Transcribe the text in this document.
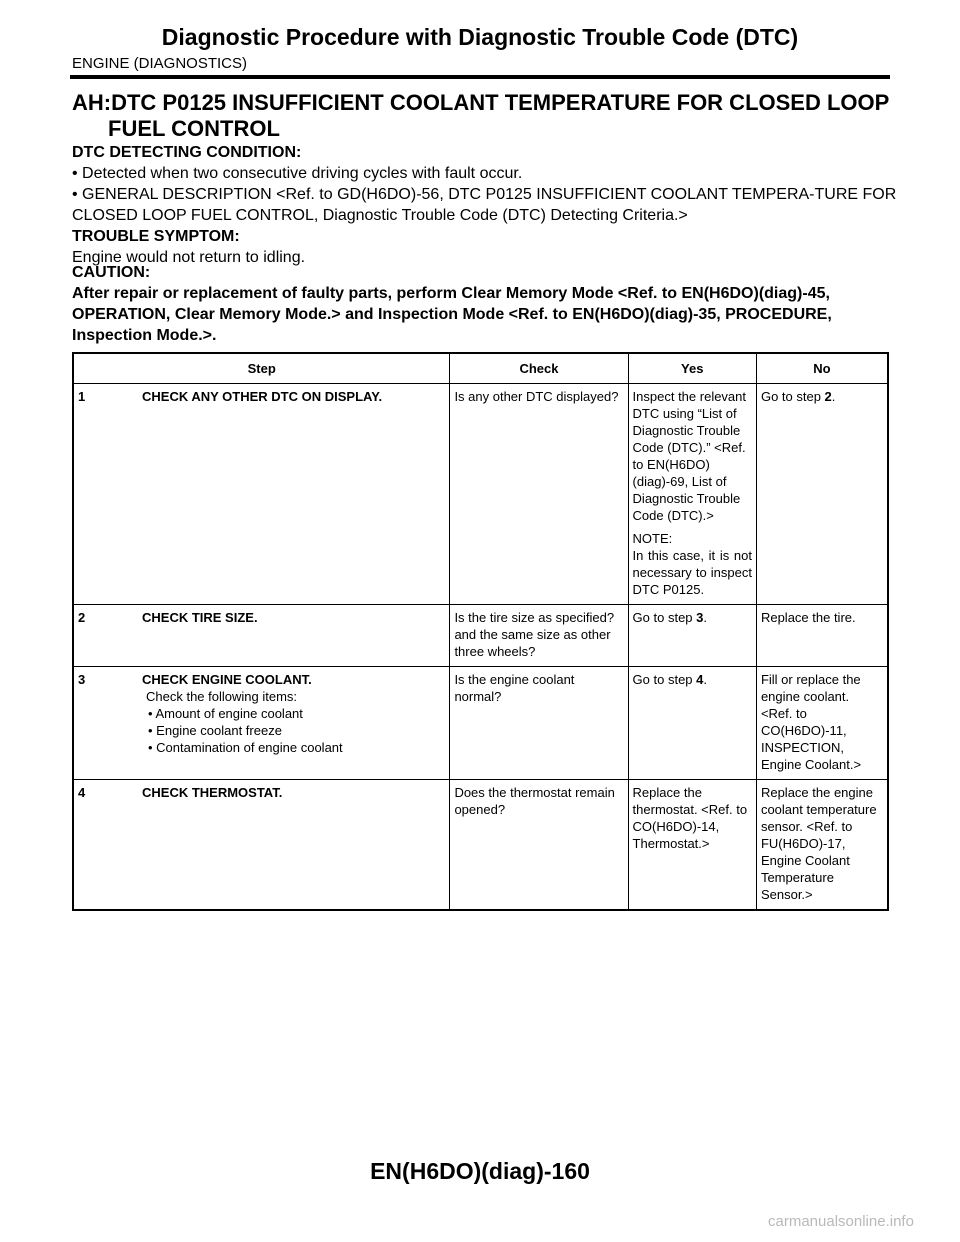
Diagnostic Procedure with Diagnostic Trouble Code (DTC)
ENGINE (DIAGNOSTICS)
AH:DTC P0125 INSUFFICIENT COOLANT TEMPERATURE FOR CLOSED LOOP
FUEL CONTROL
DTC DETECTING CONDITION:
• Detected when two consecutive driving cycles with fault occur.
• GENERAL DESCRIPTION <Ref. to GD(H6DO)-56, DTC P0125 INSUFFICIENT COOLANT TEMPERA-TURE FOR CLOSED LOOP FUEL CONTROL, Diagnostic Trouble Code (DTC) Detecting Criteria.>
TROUBLE SYMPTOM:
Engine would not return to idling.
CAUTION:
After repair or replacement of faulty parts, perform Clear Memory Mode <Ref. to EN(H6DO)(diag)-45, OPERATION, Clear Memory Mode.> and Inspection Mode <Ref. to EN(H6DO)(diag)-35, PROCEDURE, Inspection Mode.>.
Step	Check	Yes	No
1 CHECK ANY OTHER DTC ON DISPLAY.	Is any other DTC displayed?	Inspect the relevant DTC using “List of Diagnostic Trouble Code (DTC).” <Ref. to EN(H6DO)(diag)-69, List of Diagnostic Trouble Code (DTC).>
NOTE:
In this case, it is not necessary to inspect DTC P0125.	Go to step 2.
2 CHECK TIRE SIZE.	Is the tire size as specified? and the same size as other three wheels?	Go to step 3.	Replace the tire.

3 CHECK ENGINE COOLANT.
Check the following items:
• Amount of engine coolant
• Engine coolant freeze
• Contamination of engine coolant	Is the engine coolant normal?	Go to step 4.	Fill or replace the engine coolant. <Ref. to CO(H6DO)-11, INSPECTION, Engine Coolant.>
4 CHECK THERMOSTAT.	Does the thermostat remain opened?	Replace the thermostat. <Ref. to CO(H6DO)-14, Thermostat.>	Replace the engine coolant temperature sensor. <Ref. to FU(H6DO)-17, Engine Coolant Temperature Sensor.>
EN(H6DO)(diag)-160
carmanualsonline.info
